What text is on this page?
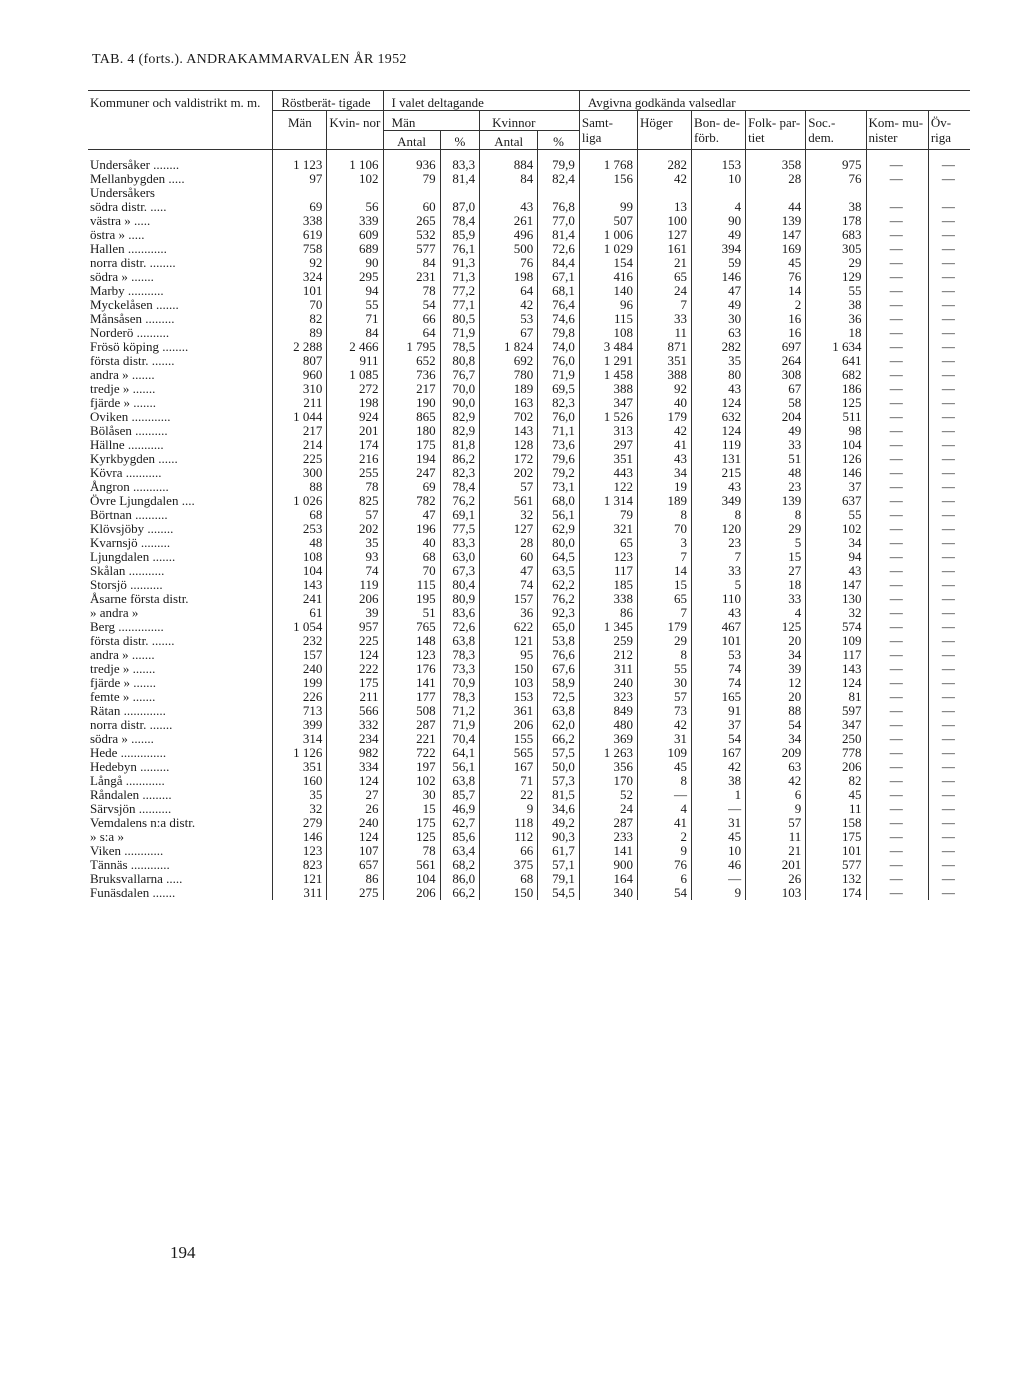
TAB. 4 (forts.). ANDRAKAMMARVALEN ÅR 1952
Kommuner och valdistrikt m. m.	Röstberät- tigade		I valet deltagande				Avgivna godkända valsedlar						
	Män	Kvin- nor	Män		Kvinnor		Samt- liga	Höger	Bon- de- förb.	Folk- par- tiet	Soc.- dem.	Kom- mu- nister	Öv- riga
			Antal	%	Antal	%							

Undersåker ........	1 123	1 106	936	83,3	884	79,9	1 768	282	153	358	975	—	—
Mellanbygden .....	97	102	79	81,4	84	82,4	156	42	10	28	76	—	—
Undersåkers													
södra distr. .....	69	56	60	87,0	43	76,8	99	13	4	44	38	—	—
västra » .....	338	339	265	78,4	261	77,0	507	100	90	139	178	—	—
östra » .....	619	609	532	85,9	496	81,4	1 006	127	49	147	683	—	—
Hallen ............	758	689	577	76,1	500	72,6	1 029	161	394	169	305	—	—
norra distr. ........	92	90	84	91,3	76	84,4	154	21	59	45	29	—	—
södra » .......	324	295	231	71,3	198	67,1	416	65	146	76	129	—	—
Marby ...........	101	94	78	77,2	64	68,1	140	24	47	14	55	—	—
Myckelåsen .......	70	55	54	77,1	42	76,4	96	7	49	2	38	—	—
Månsåsen .........	82	71	66	80,5	53	74,6	115	33	30	16	36	—	—
Norderö ..........	89	84	64	71,9	67	79,8	108	11	63	16	18	—	—
Frösö köping ........	2 288	2 466	1 795	78,5	1 824	74,0	3 484	871	282	697	1 634	—	—
första distr. .......	807	911	652	80,8	692	76,0	1 291	351	35	264	641	—	—
andra » .......	960	1 085	736	76,7	780	71,9	1 458	388	80	308	682	—	—
tredje » .......	310	272	217	70,0	189	69,5	388	92	43	67	186	—	—
fjärde » .......	211	198	190	90,0	163	82,3	347	40	124	58	125	—	—
Oviken ............	1 044	924	865	82,9	702	76,0	1 526	179	632	204	511	—	—
Bölåsen ..........	217	201	180	82,9	143	71,1	313	42	124	49	98	—	—
Hällne ...........	214	174	175	81,8	128	73,6	297	41	119	33	104	—	—
Kyrkbygden ......	225	216	194	86,2	172	79,6	351	43	131	51	126	—	—
Kövra ...........	300	255	247	82,3	202	79,2	443	34	215	48	146	—	—
Ångron ...........	88	78	69	78,4	57	73,1	122	19	43	23	37	—	—
Övre Ljungdalen ....	1 026	825	782	76,2	561	68,0	1 314	189	349	139	637	—	—
Börtnan ..........	68	57	47	69,1	32	56,1	79	8	8	8	55	—	—
Klövsjöby ........	253	202	196	77,5	127	62,9	321	70	120	29	102	—	—
Kvarnsjö .........	48	35	40	83,3	28	80,0	65	3	23	5	34	—	—
Ljungdalen .......	108	93	68	63,0	60	64,5	123	7	7	15	94	—	—
Skålan ...........	104	74	70	67,3	47	63,5	117	14	33	27	43	—	—
Storsjö ..........	143	119	115	80,4	74	62,2	185	15	5	18	147	—	—
Åsarne första distr.	241	206	195	80,9	157	76,2	338	65	110	33	130	—	—
» andra »	61	39	51	83,6	36	92,3	86	7	43	4	32	—	—
Berg ..............	1 054	957	765	72,6	622	65,0	1 345	179	467	125	574	—	—
första distr. .......	232	225	148	63,8	121	53,8	259	29	101	20	109	—	—
andra » .......	157	124	123	78,3	95	76,6	212	8	53	34	117	—	—
tredje » .......	240	222	176	73,3	150	67,6	311	55	74	39	143	—	—
fjärde » .......	199	175	141	70,9	103	58,9	240	30	74	12	124	—	—
femte » .......	226	211	177	78,3	153	72,5	323	57	165	20	81	—	—
Rätan .............	713	566	508	71,2	361	63,8	849	73	91	88	597	—	—
norra distr. .......	399	332	287	71,9	206	62,0	480	42	37	54	347	—	—
södra » .......	314	234	221	70,4	155	66,2	369	31	54	34	250	—	—
Hede ..............	1 126	982	722	64,1	565	57,5	1 263	109	167	209	778	—	—
Hedebyn .........	351	334	197	56,1	167	50,0	356	45	42	63	206	—	—
Långå ............	160	124	102	63,8	71	57,3	170	8	38	42	82	—	—
Råndalen .........	35	27	30	85,7	22	81,5	52	—	1	6	45	—	—
Särvsjön ..........	32	26	15	46,9	9	34,6	24	4	—	9	11	—	—
Vemdalens n:a distr.	279	240	175	62,7	118	49,2	287	41	31	57	158	—	—
» s:a »	146	124	125	85,6	112	90,3	233	2	45	11	175	—	—
Viken ............	123	107	78	63,4	66	61,7	141	9	10	21	101	—	—
Tännäs ............	823	657	561	68,2	375	57,1	900	76	46	201	577	—	—
Bruksvallarna .....	121	86	104	86,0	68	79,1	164	6	—	26	132	—	—
Funäsdalen .......	311	275	206	66,2	150	54,5	340	54	9	103	174	—	—
194
